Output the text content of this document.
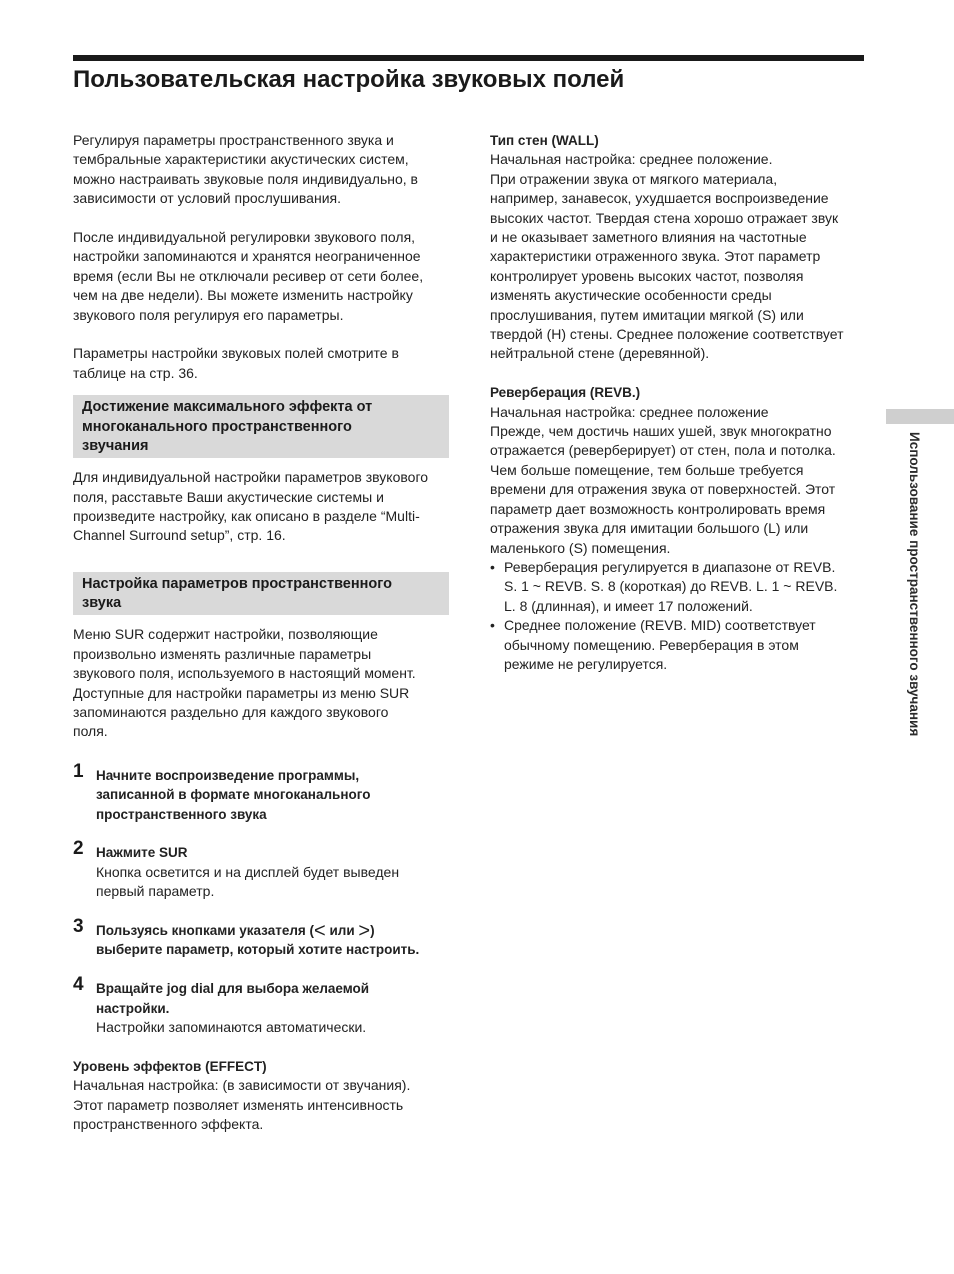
Пользовательская настройка звуковых полей
Использование пространственного звучания

Регулируя параметры пространственного звука и
тембральные характеристики акустических систем,
можно настраивать звуковые поля индивидуально, в
зависимости от условий прослушивания.

После индивидуальной регулировки звукового поля,
настройки запоминаются и хранятся неограниченное
время (если Вы не отключали ресивер от сети более,
чем на две недели). Вы можете изменить настройку
звукового поля регулируя его параметры.

Параметры настройки звуковых полей смотрите в
таблице на стр. 36.

Достижение максимального эффекта от
многоканального пространственного
звучания

Для индивидуальной настройки параметров звукового
поля, расставьте Ваши акустические системы и
произведите настройку, как описано в разделе “Multi-
Channel Surround setup”, стр. 16.

Настройка параметров пространственного
звука

Меню SUR содержит настройки, позволяющие
произвольно изменять различные параметры
звукового поля, используемого в настоящий момент.
Доступные для настройки параметры из меню SUR
запоминаются раздельно для каждого звукового
поля.

1 Начните воспроизведение программы,
записанной в формате многоканального
пространственного звука
2 Нажмите SUR
Кнопка осветится и на дисплей будет выведен
первый параметр.
3 Пользуясь кнопками указателя (< или >)
выберите параметр, который хотите настроить.
4 Вращайте jog dial для выбора желаемой
настройки.
Настройки запоминаются автоматически.

Уровень эффектов (EFFECT)
Начальная настройка: (в зависимости от звучания).
Этот параметр позволяет изменять интенсивность
пространственного эффекта.

Тип стен (WALL)
Начальная настройка: среднее положение.
При отражении звука от мягкого материала,
например, занавесок, ухудшается воспроизведение
высоких частот. Твердая стена хорошо отражает звук
и не оказывает заметного влияния на частотные
характеристики отраженного звука. Этот параметр
контролирует уровень высоких частот, позволяя
изменять акустические особенности среды
прослушивания, путем имитации мягкой (S) или
твердой (H) стены. Среднее положение соответствует
нейтральной стене (деревянной).

Реверберация (REVB.)
Начальная настройка: среднее положение
Прежде, чем достичь наших ушей, звук многократно
отражается (реверберирует) от стен, пола и потолка.
Чем больше помещение, тем больше требуется
времени для отражения звука от поверхностей. Этот
параметр дает возможность контролировать время
отражения звука для имитации большого (L) или
маленького (S) помещения.
• Реверберация регулируется в диапазоне от REVB.
S. 1 ~ REVB. S. 8 (короткая) до REVB. L. 1 ~ REVB.
L. 8 (длинная), и имеет 17 положений.
• Среднее положение (REVB. MID) соответствует
обычному помещению. Реверберация в этом
режиме не регулируется.
